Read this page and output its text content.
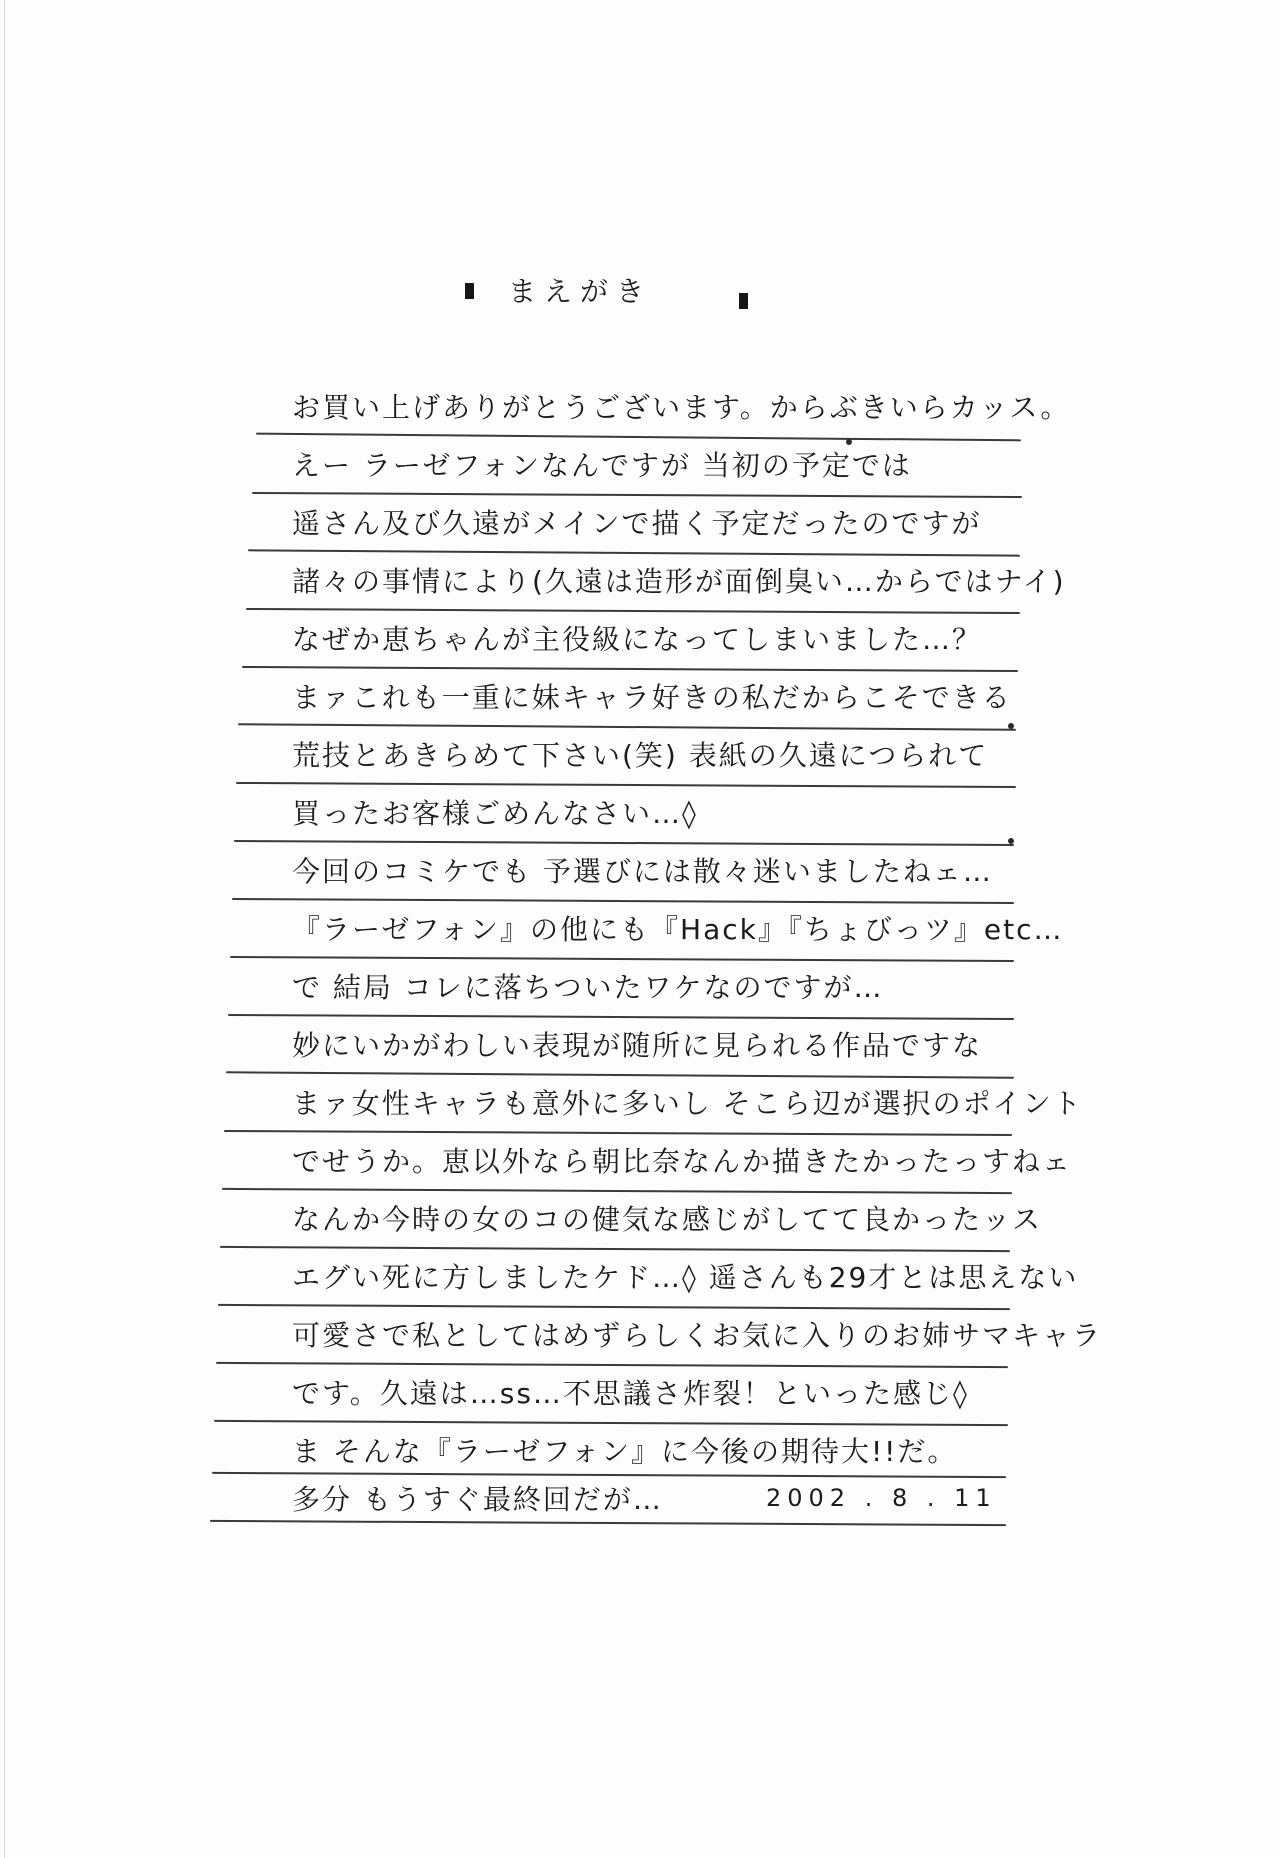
まえがき
お買い上げありがとうございます。からぶきいらカッス。
えー ラーゼフォンなんですが 当初の予定では
遥さん及び久遠がメインで描く予定だったのですが
諸々の事情により(久遠は造形が面倒臭い…からではナイ)
なぜか恵ちゃんが主役級になってしまいました…？
まァこれも一重に妹キャラ好きの私だからこそできる
荒技とあきらめて下さい(笑) 表紙の久遠につられて
買ったお客様ごめんなさい…◊
今回のコミケでも 予選びには散々迷いましたねェ…
『ラーゼフォン』の他にも『Hack』『ちょびっツ』etc…
で 結局 コレに落ちついたワケなのですが…
妙にいかがわしい表現が随所に見られる作品ですな
まァ女性キャラも意外に多いし そこら辺が選択のポイント
でせうか。恵以外なら朝比奈なんか描きたかったっすねェ
なんか今時の女のコの健気な感じがしてて良かったッス
エグい死に方しましたケド…◊ 遥さんも29才とは思えない
可愛さで私としてはめずらしくお気に入りのお姉サマキャラ
です。久遠は…ss…不思議さ炸裂！といった感じ◊
ま そんな『ラーゼフォン』に今後の期待大!!だ。
多分 もうすぐ最終回だが…	2002 . 8 . 11
